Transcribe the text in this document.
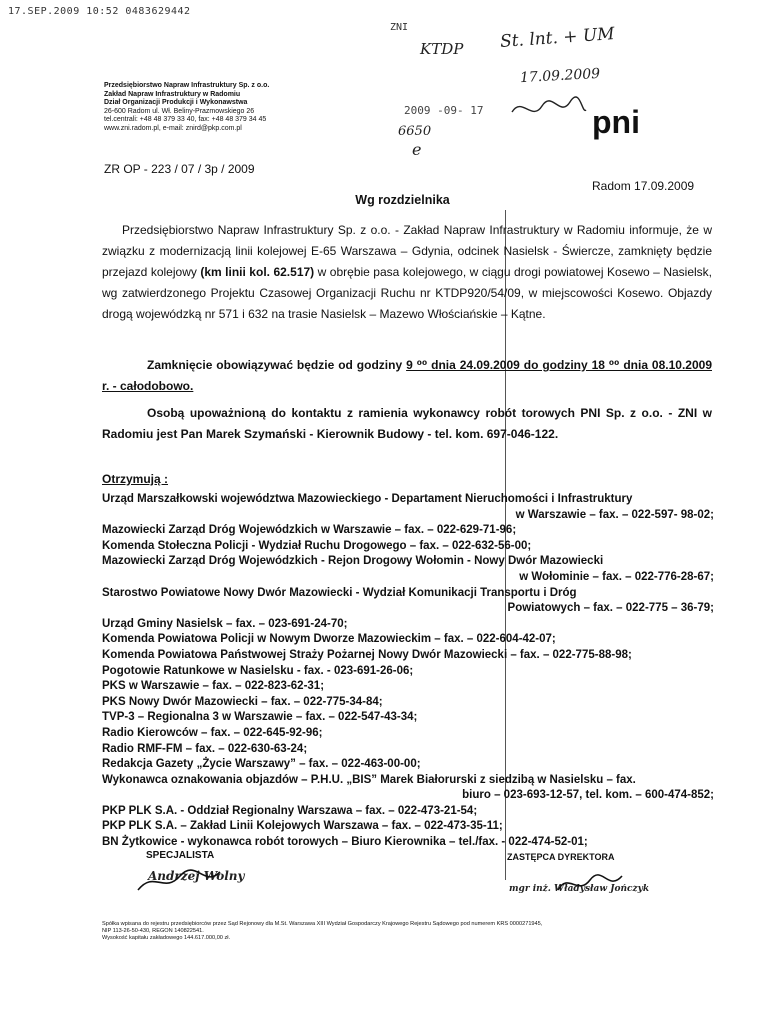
17.SEP.2009 10:52 0483629442
ZNI
KTDP St. lnt. + UM
17.09.2009
6650
e
Przedsiębiorstwo Napraw Infrastruktury Sp. z o.o.
Zakład Napraw Infrastruktury w Radomiu
Dział Organizacji Produkcji i Wykonawstwa
26-600 Radom ul. Wł. Beliny-Prazmowskiego 26
tel.centrali: +48 48 379 33 40, fax: +48 48 379 34 45
www.zni.radom.pl, e-mail: znird@pkp.com.pl
2009 -09- 17	pni
ZR OP - 223 / 07 / 3p / 2009
Radom 17.09.2009
Wg rozdzielnika

Przedsiębiorstwo Napraw Infrastruktury Sp. z o.o. - Zakład Napraw Infrastruktury w Radomiu informuje, że w związku z modernizacją linii kolejowej E-65 Warszawa – Gdynia, odcinek Nasielsk - Świercze, zamknięty będzie przejazd kolejowy (km linii kol. 62.517) w obrębie pasa kolejowego, w ciągu drogi powiatowej Kosewo – Nasielsk, wg zatwierdzonego Projektu Czasowej Organizacji Ruchu nr KTDP920/54/09, w miejscowości Kosewo. Objazdy drogą wojewódzką nr 571 i 632 na trasie Nasielsk – Mazewo Włościańskie – Kątne.

Zamknięcie obowiązywać będzie od godziny 9 ⁰⁰ dnia 24.09.2009 do godziny 18 ⁰⁰ dnia 08.10.2009 r. - całodobowo.

Osobą upoważnioną do kontaktu z ramienia wykonawcy robót torowych PNI Sp. z o.o. - ZNI w Radomiu jest Pan Marek Szymański - Kierownik Budowy - tel. kom. 697-046-122.

Otrzymują :
Urząd Marszałkowski województwa Mazowieckiego - Departament Nieruchomości i Infrastruktury
w Warszawie – fax. – 022-597- 98-02;
Mazowiecki Zarząd Dróg Wojewódzkich w Warszawie – fax. – 022-629-71-96;
Komenda Stołeczna Policji - Wydział Ruchu Drogowego – fax. – 022-632-56-00;
Mazowiecki Zarząd Dróg Wojewódzkich - Rejon Drogowy Wołomin - Nowy Dwór Mazowiecki
w Wołominie – fax. – 022-776-28-67;
Starostwo Powiatowe Nowy Dwór Mazowiecki - Wydział Komunikacji Transportu i Dróg
Powiatowych – fax. – 022-775 – 36-79;
Urząd Gminy Nasielsk – fax. – 023-691-24-70;
Komenda Powiatowa Policji w Nowym Dworze Mazowieckim – fax. – 022-604-42-07;
Komenda Powiatowa Państwowej Straży Pożarnej Nowy Dwór Mazowiecki – fax. – 022-775-88-98;
Pogotowie Ratunkowe w Nasielsku - fax. - 023-691-26-06;
PKS w Warszawie – fax. – 022-823-62-31;
PKS Nowy Dwór Mazowiecki – fax. – 022-775-34-84;
TVP-3 – Regionalna 3 w Warszawie – fax. – 022-547-43-34;
Radio Kierowców – fax. – 022-645-92-96;
Radio RMF-FM – fax. – 022-630-63-24;
Redakcja Gazety „Życie Warszawy” – fax. – 022-463-00-00;
Wykonawca oznakowania objazdów – P.H.U. „BIS” Marek Białorurski z siedzibą w Nasielsku – fax.
biuro – 023-693-12-57, tel. kom. – 600-474-852;
PKP PLK S.A. - Oddział Regionalny Warszawa – fax. – 022-473-21-54;
PKP PLK S.A. – Zakład Linii Kolejowych Warszawa – fax. – 022-473-35-11;
BN Żytkowice - wykonawca robót torowych – Biuro Kierownika – tel./fax. - 022-474-52-01;
SPECJALISTA
Andrzej Wolny
ZASTĘPCA DYREKTORA
mgr inż. Władysław Jończyk
Spółka wpisana do rejestru przedsiębiorców przez Sąd Rejonowy dla M.St. Warszawa XIII Wydział Gospodarczy Krajowego Rejestru Sądowego pod numerem KRS 0000271945,
NIP 113-26-50-430, REGON 140822541.
Wysokość kapitału zakładowego 144.617.000,00 zł.
